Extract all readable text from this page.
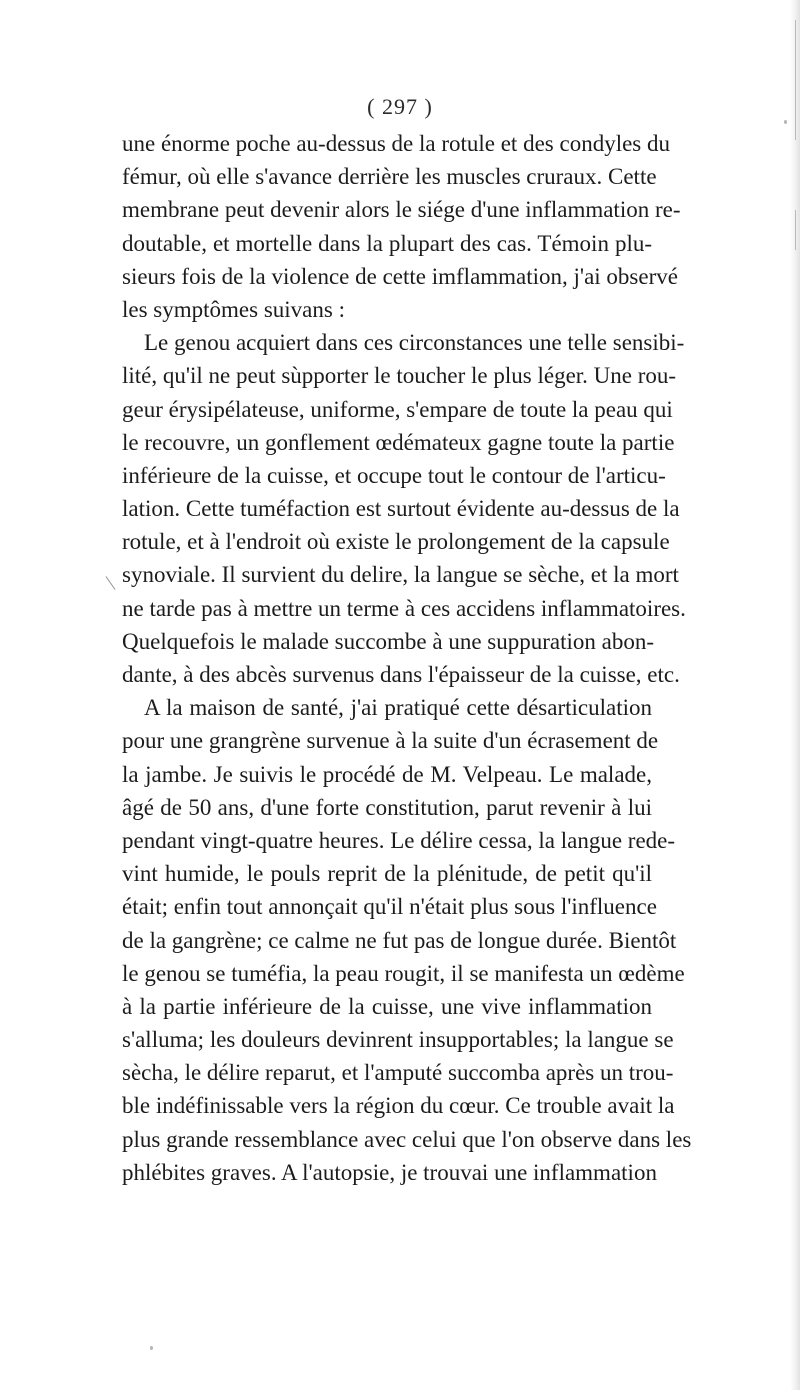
( 297 )
une énorme poche au-dessus de la rotule et des condyles du
fémur, où elle s'avance derrière les muscles cruraux. Cette
membrane peut devenir alors le siége d'une inflammation re-
doutable, et mortelle dans la plupart des cas. Témoin plu-
sieurs fois de la violence de cette imflammation, j'ai observé
les symptômes suivans :
Le genou acquiert dans ces circonstances une telle sensibi-
lité, qu'il ne peut sùpporter le toucher le plus léger. Une rou-
geur érysipélateuse, uniforme, s'empare de toute la peau qui
le recouvre, un gonflement œdémateux gagne toute la partie
inférieure de la cuisse, et occupe tout le contour de l'articu-
lation. Cette tuméfaction est surtout évidente au-dessus de la
rotule, et à l'endroit où existe le prolongement de la capsule
synoviale. Il survient du delire, la langue se sèche, et la mort
ne tarde pas à mettre un terme à ces accidens inflammatoires.
Quelquefois le malade succombe à une suppuration abon-
dante, à des abcès survenus dans l'épaisseur de la cuisse, etc.
A la maison de santé, j'ai pratiqué cette désarticulation
pour une grangrène survenue à la suite d'un écrasement de
la jambe. Je suivis le procédé de M. Velpeau. Le malade,
âgé de 50 ans, d'une forte constitution, parut revenir à lui
pendant vingt-quatre heures. Le délire cessa, la langue rede-
vint humide, le pouls reprit de la plénitude, de petit qu'il
était; enfin tout annonçait qu'il n'était plus sous l'influence
de la gangrène; ce calme ne fut pas de longue durée. Bientôt
le genou se tuméfia, la peau rougit, il se manifesta un œdème
à la partie inférieure de la cuisse, une vive inflammation
s'alluma; les douleurs devinrent insupportables; la langue se
sècha, le délire reparut, et l'amputé succomba après un trou-
ble indéfinissable vers la région du cœur. Ce trouble avait la
plus grande ressemblance avec celui que l'on observe dans les
phlébites graves. A l'autopsie, je trouvai une inflammation
